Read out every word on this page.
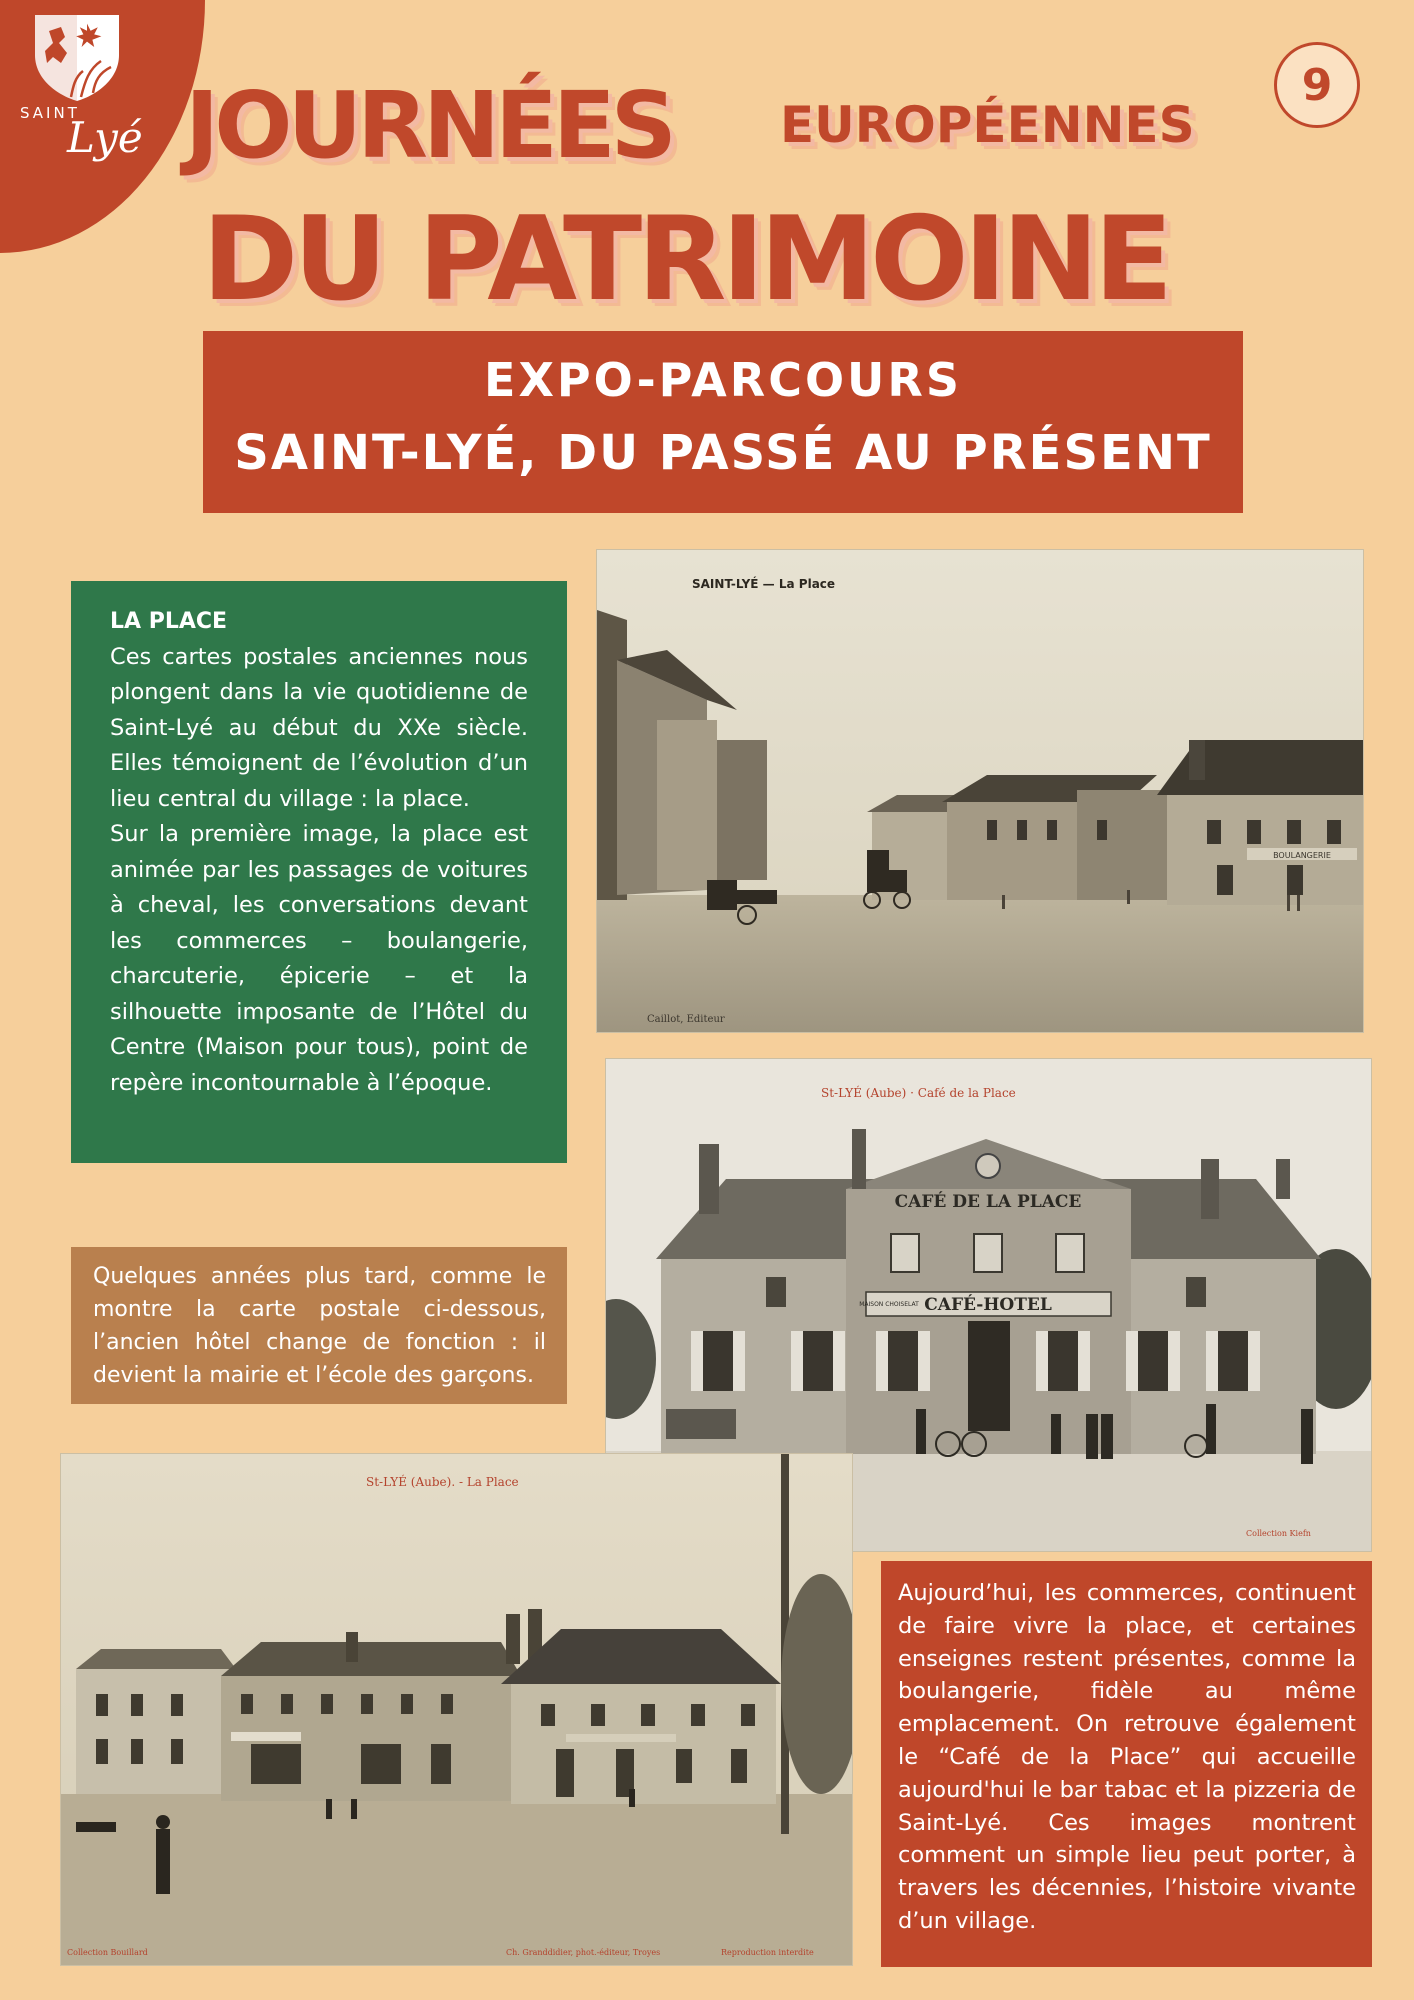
SAINT
Lyé JOURNÉES EUROPÉENNES
DU PATRIMOINE
9
EXPO-PARCOURS
SAINT-LYÉ, DU PASSÉ AU PRÉSENT
LA PLACE

Ces cartes postales anciennes nous plongent dans la vie quotidienne de Saint-Lyé au début du XXe siècle. Elles témoignent de l’évolution d’un lieu central du village : la place.

Sur la première image, la place est animée par les passages de voitures à cheval, les conversations devant les commerces – boulangerie, charcuterie, épicerie – et la silhouette imposante de l’Hôtel du Centre (Maison pour tous), point de repère incontournable à l’époque.

Quelques années plus tard, comme le montre la carte postale ci-dessous, l’ancien hôtel change de fonction : il devient la mairie et l’école des garçons.

Aujourd’hui, les commerces, continuent de faire vivre la place, et certaines enseignes restent présentes, comme la boulangerie, fidèle au même emplacement. On retrouve également le “Café de la Place” qui accueille aujourd'hui le bar tabac et la pizzeria de Saint-Lyé. Ces images montrent comment un simple lieu peut porter, à travers les décennies, l’histoire vivante d’un village.

BOULANGERIE
SAINT-LYÉ — La Place
Caillot, Editeur
CAFÉ DE LA PLACE
CAFÉ-HOTEL
MAISON CHOISELAT
St-LYÉ (Aube) · Café de la Place
Collection Kiefn
St-LYÉ (Aube). - La Place
Collection Bouillard	Ch. Granddidier, phot.-éditeur, Troyes	Reproduction interdite
